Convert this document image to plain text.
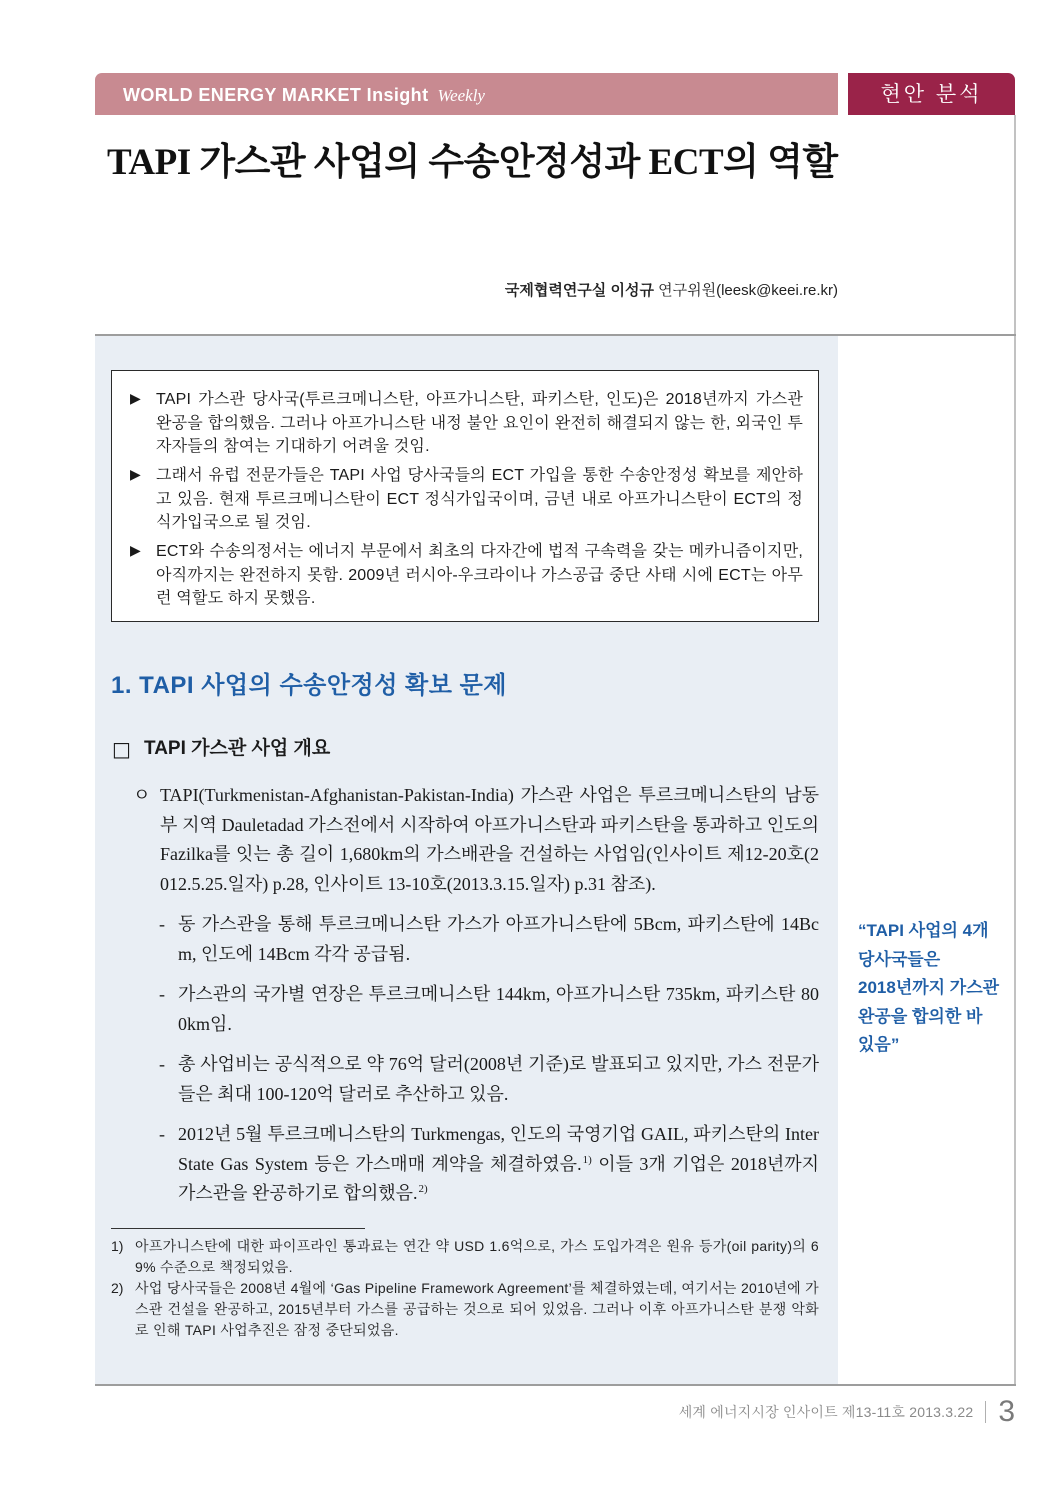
WORLD ENERGY MARKET Insight Weekly	현안 분석
TAPI 가스관 사업의 수송안정성과 ECT의 역할
국제협력연구실 이성규 연구위원(leesk@keei.re.kr)
▶ TAPI 가스관 당사국(투르크메니스탄, 아프가니스탄, 파키스탄, 인도)은 2018년까지 가스관 완공을 합의했음. 그러나 아프가니스탄 내정 불안 요인이 완전히 해결되지 않는 한, 외국인 투자자들의 참여는 기대하기 어려울 것임.
▶ 그래서 유럽 전문가들은 TAPI 사업 당사국들의 ECT 가입을 통한 수송안정성 확보를 제안하고 있음. 현재 투르크메니스탄이 ECT 정식가입국이며, 금년 내로 아프가니스탄이 ECT의 정식가입국으로 될 것임.
▶ ECT와 수송의정서는 에너지 부문에서 최초의 다자간에 법적 구속력을 갖는 메카니즘이지만, 아직까지는 완전하지 못함. 2009년 러시아-우크라이나 가스공급 중단 사태 시에 ECT는 아무런 역할도 하지 못했음.
1. TAPI 사업의 수송안정성 확보 문제
□ TAPI 가스관 사업 개요
ㅇ TAPI(Turkmenistan-Afghanistan-Pakistan-India) 가스관 사업은 투르크메니스탄의 남동부 지역 Dauletadad 가스전에서 시작하여 아프가니스탄과 파키스탄을 통과하고 인도의 Fazilka를 잇는 총 길이 1,680km의 가스배관을 건설하는 사업임(인사이트 제12-20호(2012.5.25.일자) p.28, 인사이트 13-10호(2013.3.15.일자) p.31 참조).
- 동 가스관을 통해 투르크메니스탄 가스가 아프가니스탄에 5Bcm, 파키스탄에 14Bcm, 인도에 14Bcm 각각 공급됨.
- 가스관의 국가별 연장은 투르크메니스탄 144km, 아프가니스탄 735km, 파키스탄 800km임.
- 총 사업비는 공식적으로 약 76억 달러(2008년 기준)로 발표되고 있지만, 가스 전문가들은 최대 100-120억 달러로 추산하고 있음.
- 2012년 5월 투르크메니스탄의 Turkmengas, 인도의 국영기업 GAIL, 파키스탄의 Inter State Gas System 등은 가스매매 계약을 체결하였음.$^{1)}$ 이들 3개 기업은 2018년까지 가스관을 완공하기로 합의했음.$^{2)}$
1) 아프가니스탄에 대한 파이프라인 통과료는 연간 약 USD 1.6억으로, 가스 도입가격은 원유 등가(oil parity)의 69% 수준으로 책정되었음.
2) 사업 당사국들은 2008년 4월에 ‘Gas Pipeline Framework Agreement’를 체결하였는데, 여기서는 2010년에 가스관 건설을 완공하고, 2015년부터 가스를 공급하는 것으로 되어 있었음. 그러나 이후 아프가니스탄 분쟁 악화로 인해 TAPI 사업추진은 잠정 중단되었음.
“TAPI 사업의 4개 당사국들은 2018년까지 가스관 완공을 합의한 바 있음”
세계 에너지시장 인사이트 제13-11호 2013.3.22 3
